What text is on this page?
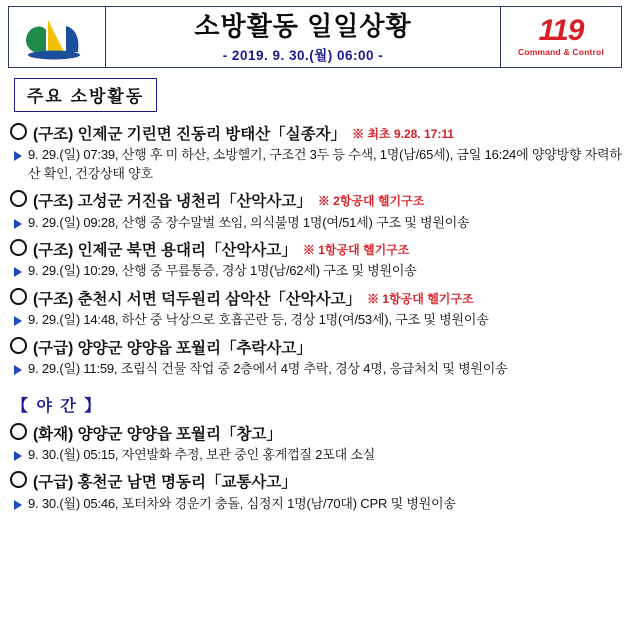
소방활동 일일상황
- 2019. 9. 30.(월) 06:00 -
119
Command & Control
주요 소방활동
(구조) 인제군 기린면 진동리 방태산「실종자」 ※ 최초 9.28. 17:11
9. 29.(일) 07:39, 산행 후 미 하산, 소방헬기, 구조건 3두 등 수색, 1명(남/65세), 금일 16:24에 양양방향 자력하산 확인, 건강상태 양호
(구조) 고성군 거진읍 냉천리「산악사고」 ※ 2항공대 헬기구조
9. 29.(일) 09:28, 산행 중 장수말벌 쏘임, 의식불명 1명(여/51세) 구조 및 병원이송
(구조) 인제군 북면 용대리「산악사고」 ※ 1항공대 헬기구조
9. 29.(일) 10:29, 산행 중 무릎통증, 경상 1명(남/62세) 구조 및 병원이송
(구조) 춘천시 서면 덕두원리 삼악산「산악사고」 ※ 1항공대 헬기구조
9. 29.(일) 14:48, 하산 중 낙상으로 호흡곤란 등, 경상 1명(여/53세), 구조 및 병원이송
(구급) 양양군 양양읍 포월리「추락사고」
9. 29.(일) 11:59, 조립식 건물 작업 중 2층에서 4명 추락, 경상 4명, 응급처치 및 병원이송
【 야 간 】
(화재) 양양군 양양읍 포월리「창고」
9. 30.(월) 05:15, 자연발화 추정, 보관 중인 홍게껍질 2포대 소실
(구급) 홍천군 남면 명동리「교통사고」
9. 30.(월) 05:46, 포터차와 경운기 충돌, 심정지 1명(남/70대) CPR 및 병원이송
